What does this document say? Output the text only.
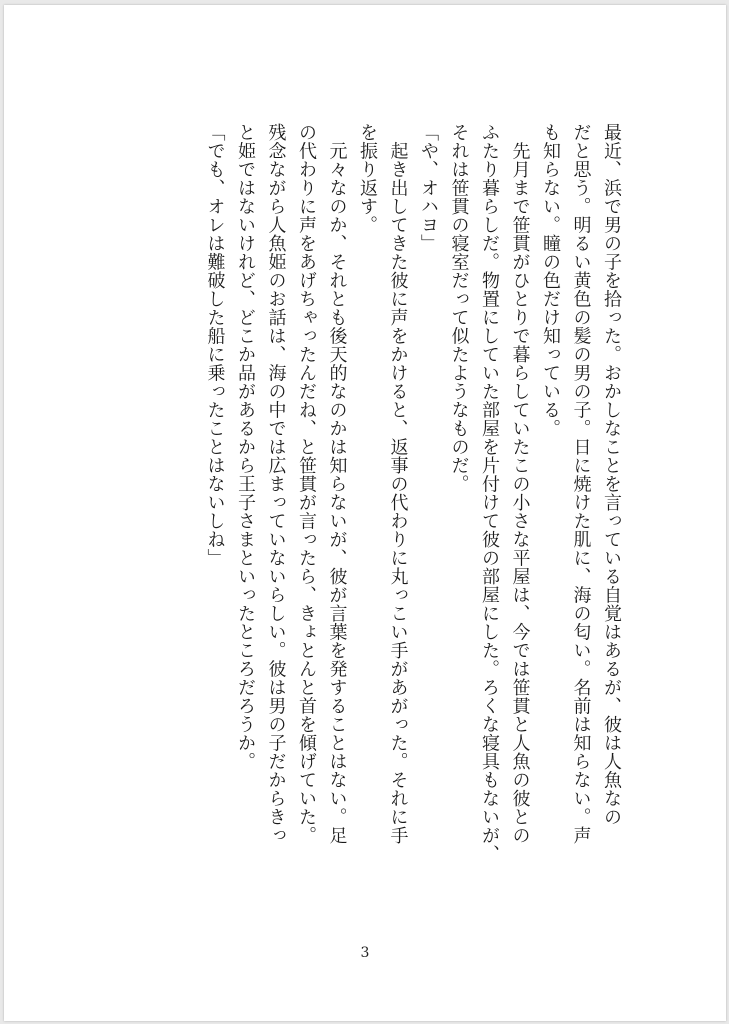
最近、浜で男の子を拾った。おかしなことを言っている自覚はあるが、彼は人魚なの
だと思う。明るい黄色の髪の男の子。日に焼けた肌に、海の匂い。名前は知らない。声
も知らない。瞳の色だけ知っている。
　先月まで笹貫がひとりで暮らしていたこの小さな平屋は、今では笹貫と人魚の彼との
ふたり暮らしだ。物置にしていた部屋を片付けて彼の部屋にした。ろくな寝具もないが、
それは笹貫の寝室だって似たようなものだ。
「や、オハヨ」
　起き出してきた彼に声をかけると、返事の代わりに丸っこい手があがった。それに手
を振り返す。
　元々なのか、それとも後天的なのかは知らないが、彼が言葉を発することはない。足
の代わりに声をあげちゃったんだね、と笹貫が言ったら、きょとんと首を傾げていた。
残念ながら人魚姫のお話は、海の中では広まっていないらしい。彼は男の子だからきっ
と姫ではないけれど、どこか品があるから王子さまといったところだろうか。
「でも、オレは難破した船に乗ったことはないしね」
3
